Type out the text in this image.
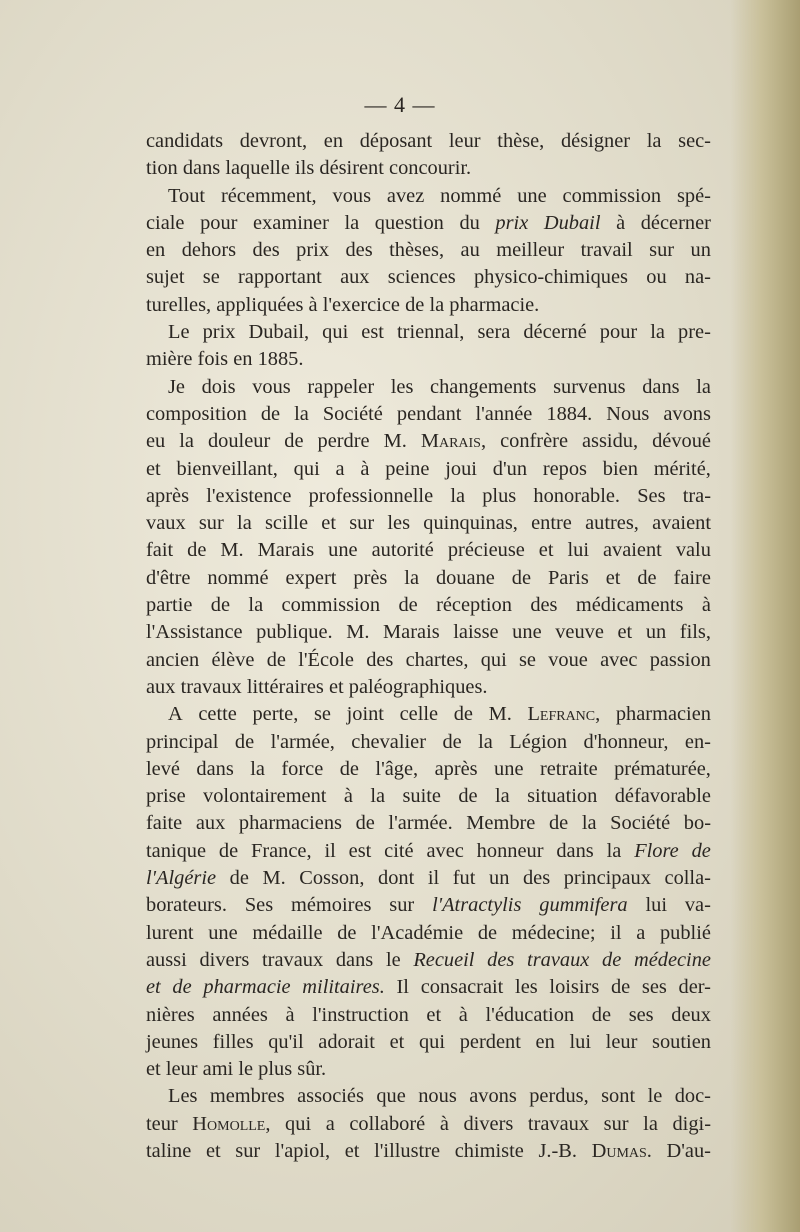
— 4 —
candidats devront, en déposant leur thèse, désigner la sec-
tion
dans
laquelle
ils
désirent
concourir.
Tout récemment, vous avez nommé une commission spé-
ciale pour examiner la question du prix Dubail à décerner
en dehors des prix des thèses, au meilleur travail sur un
sujet se rapportant aux sciences physico-chimiques ou na-
turelles,
appliquées
à
l'exercice
de
la
pharmacie.
Le prix Dubail, qui est triennal, sera décerné pour la pre-
mière
fois
en
1885.
Je dois vous rappeler les changements survenus dans la
composition de la Société pendant l'année 1884. Nous avons
eu la douleur de perdre M. Marais, confrère assidu, dévoué
et bienveillant, qui a à peine joui d'un repos bien mérité,
après l'existence professionnelle la plus honorable. Ses tra-
vaux sur la scille et sur les quinquinas, entre autres, avaient
fait de M. Marais une autorité précieuse et lui avaient valu
d'être nommé expert près la douane de Paris et de faire
partie de la commission de réception des médicaments à
l'Assistance publique. M. Marais laisse une veuve et un fils,
ancien élève de l'École des chartes, qui se voue avec passion
aux
travaux
littéraires
et
paléographiques.
A cette perte, se joint celle de M. Lefranc, pharmacien
principal de l'armée, chevalier de la Légion d'honneur, en-
levé dans la force de l'âge, après une retraite prématurée,
prise volontairement à la suite de la situation défavorable
faite aux pharmaciens de l'armée. Membre de la Société bo-
tanique de France, il est cité avec honneur dans la Flore de
l'Algérie de M. Cosson, dont il fut un des principaux colla-
borateurs. Ses mémoires sur l'Atractylis gummifera lui va-
lurent une médaille de l'Académie de médecine; il a publié
aussi divers travaux dans le Recueil des travaux de médecine
et de pharmacie militaires. Il consacrait les loisirs de ses der-
nières années à l'instruction et à l'éducation de ses deux
jeunes filles qu'il adorait et qui perdent en lui leur soutien
et
leur
ami
le
plus
sûr.
Les membres associés que nous avons perdus, sont le doc-
teur Homolle, qui a collaboré à divers travaux sur la digi-
taline et sur l'apiol, et l'illustre chimiste J.-B. Dumas. D'au-
